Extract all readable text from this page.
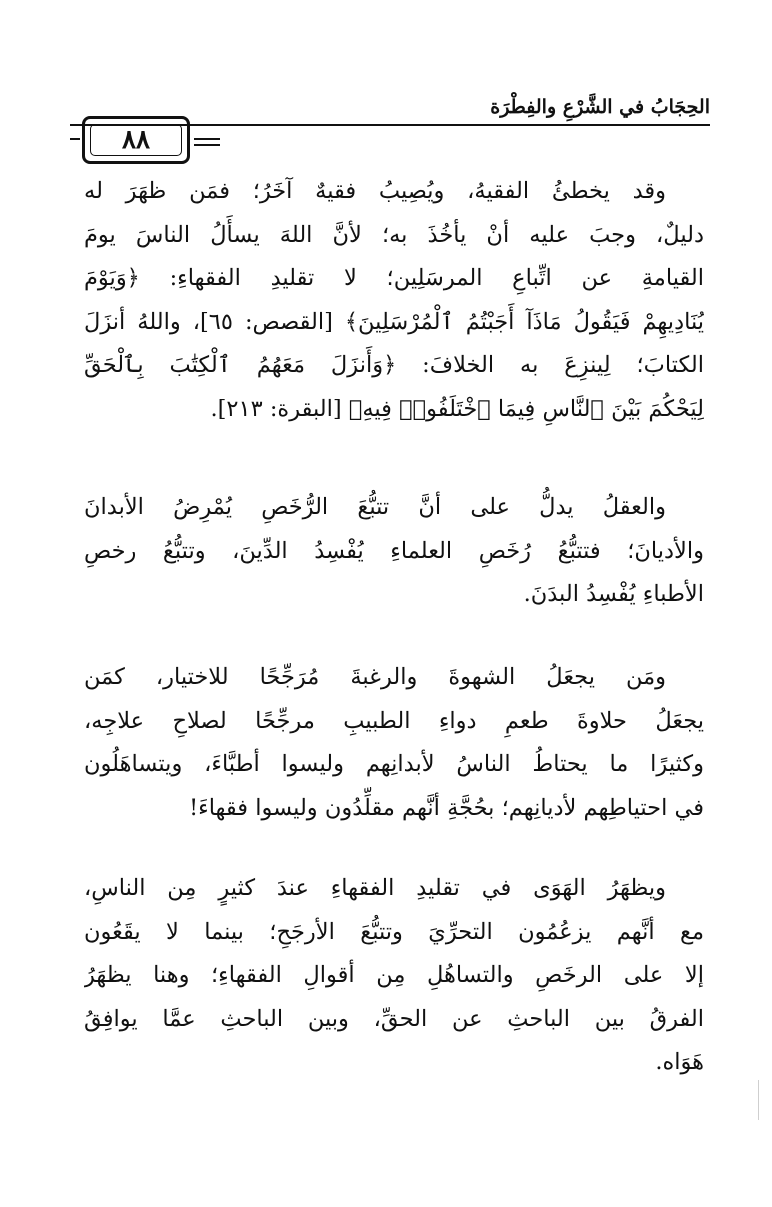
الحِجَابُ في الشَّرْعِ والفِطْرَة
٨٨
وقد يخطئُ الفقيهُ، ويُصِيبُ فقيهٌ آخَرُ؛ فمَن ظهَرَ له
دليلٌ، وجبَ عليه أنْ يأخُذَ به؛ لأنَّ اللهَ يسأَلُ الناسَ يومَ
القيامةِ عن اتِّباعِ المرسَلِين؛ لا تقليدِ الفقهاءِ: ﴿وَيَوْمَ
يُنَادِيهِمْ فَيَقُولُ مَاذَآ أَجَبْتُمُ ٱلْمُرْسَلِينَ﴾ [القصص: ٦٥]، واللهُ أنزَلَ
الكتابَ؛ لِينزِعَ به الخلافَ: ﴿وَأَنزَلَ مَعَهُمُ ٱلْكِتَٰبَ بِٱلْحَقِّ
لِيَحْكُمَ بَيْنَ ٱلنَّاسِ فِيمَا ٱخْتَلَفُوا۟ فِيهِ﴾ [البقرة: ٢١٣].
والعقلُ يدلُّ على أنَّ تتبُّعَ الرُّخَصِ يُمْرِضُ الأبدانَ
والأديانَ؛ فتتبُّعُ رُخَصِ العلماءِ يُفْسِدُ الدِّينَ، وتتبُّعُ رخصِ
الأطباءِ يُفْسِدُ البدَنَ.
ومَن يجعَلُ الشهوةَ والرغبةَ مُرَجِّحًا للاختيار، كمَن
يجعَلُ حلاوةَ طعمِ دواءِ الطبيبِ مرجِّحًا لصلاحِ علاجِه،
وكثيرًا ما يحتاطُ الناسُ لأبدانِهم وليسوا أطبَّاءَ، ويتساهَلُون
في احتياطِهم لأديانِهم؛ بحُجَّةِ أنَّهم مقلِّدُون وليسوا فقهاءَ!
ويظهَرُ الهَوَى في تقليدِ الفقهاءِ عندَ كثيرٍ مِن الناسِ،
مع أنَّهم يزعُمُون التحرِّيَ وتتبُّعَ الأرجَحِ؛ بينما لا يقَعُون
إلا على الرخَصِ والتساهُلِ مِن أقوالِ الفقهاءِ؛ وهنا يظهَرُ
الفرقُ بين الباحثِ عن الحقِّ، وبين الباحثِ عمَّا يوافِقُ
هَوَاه.
